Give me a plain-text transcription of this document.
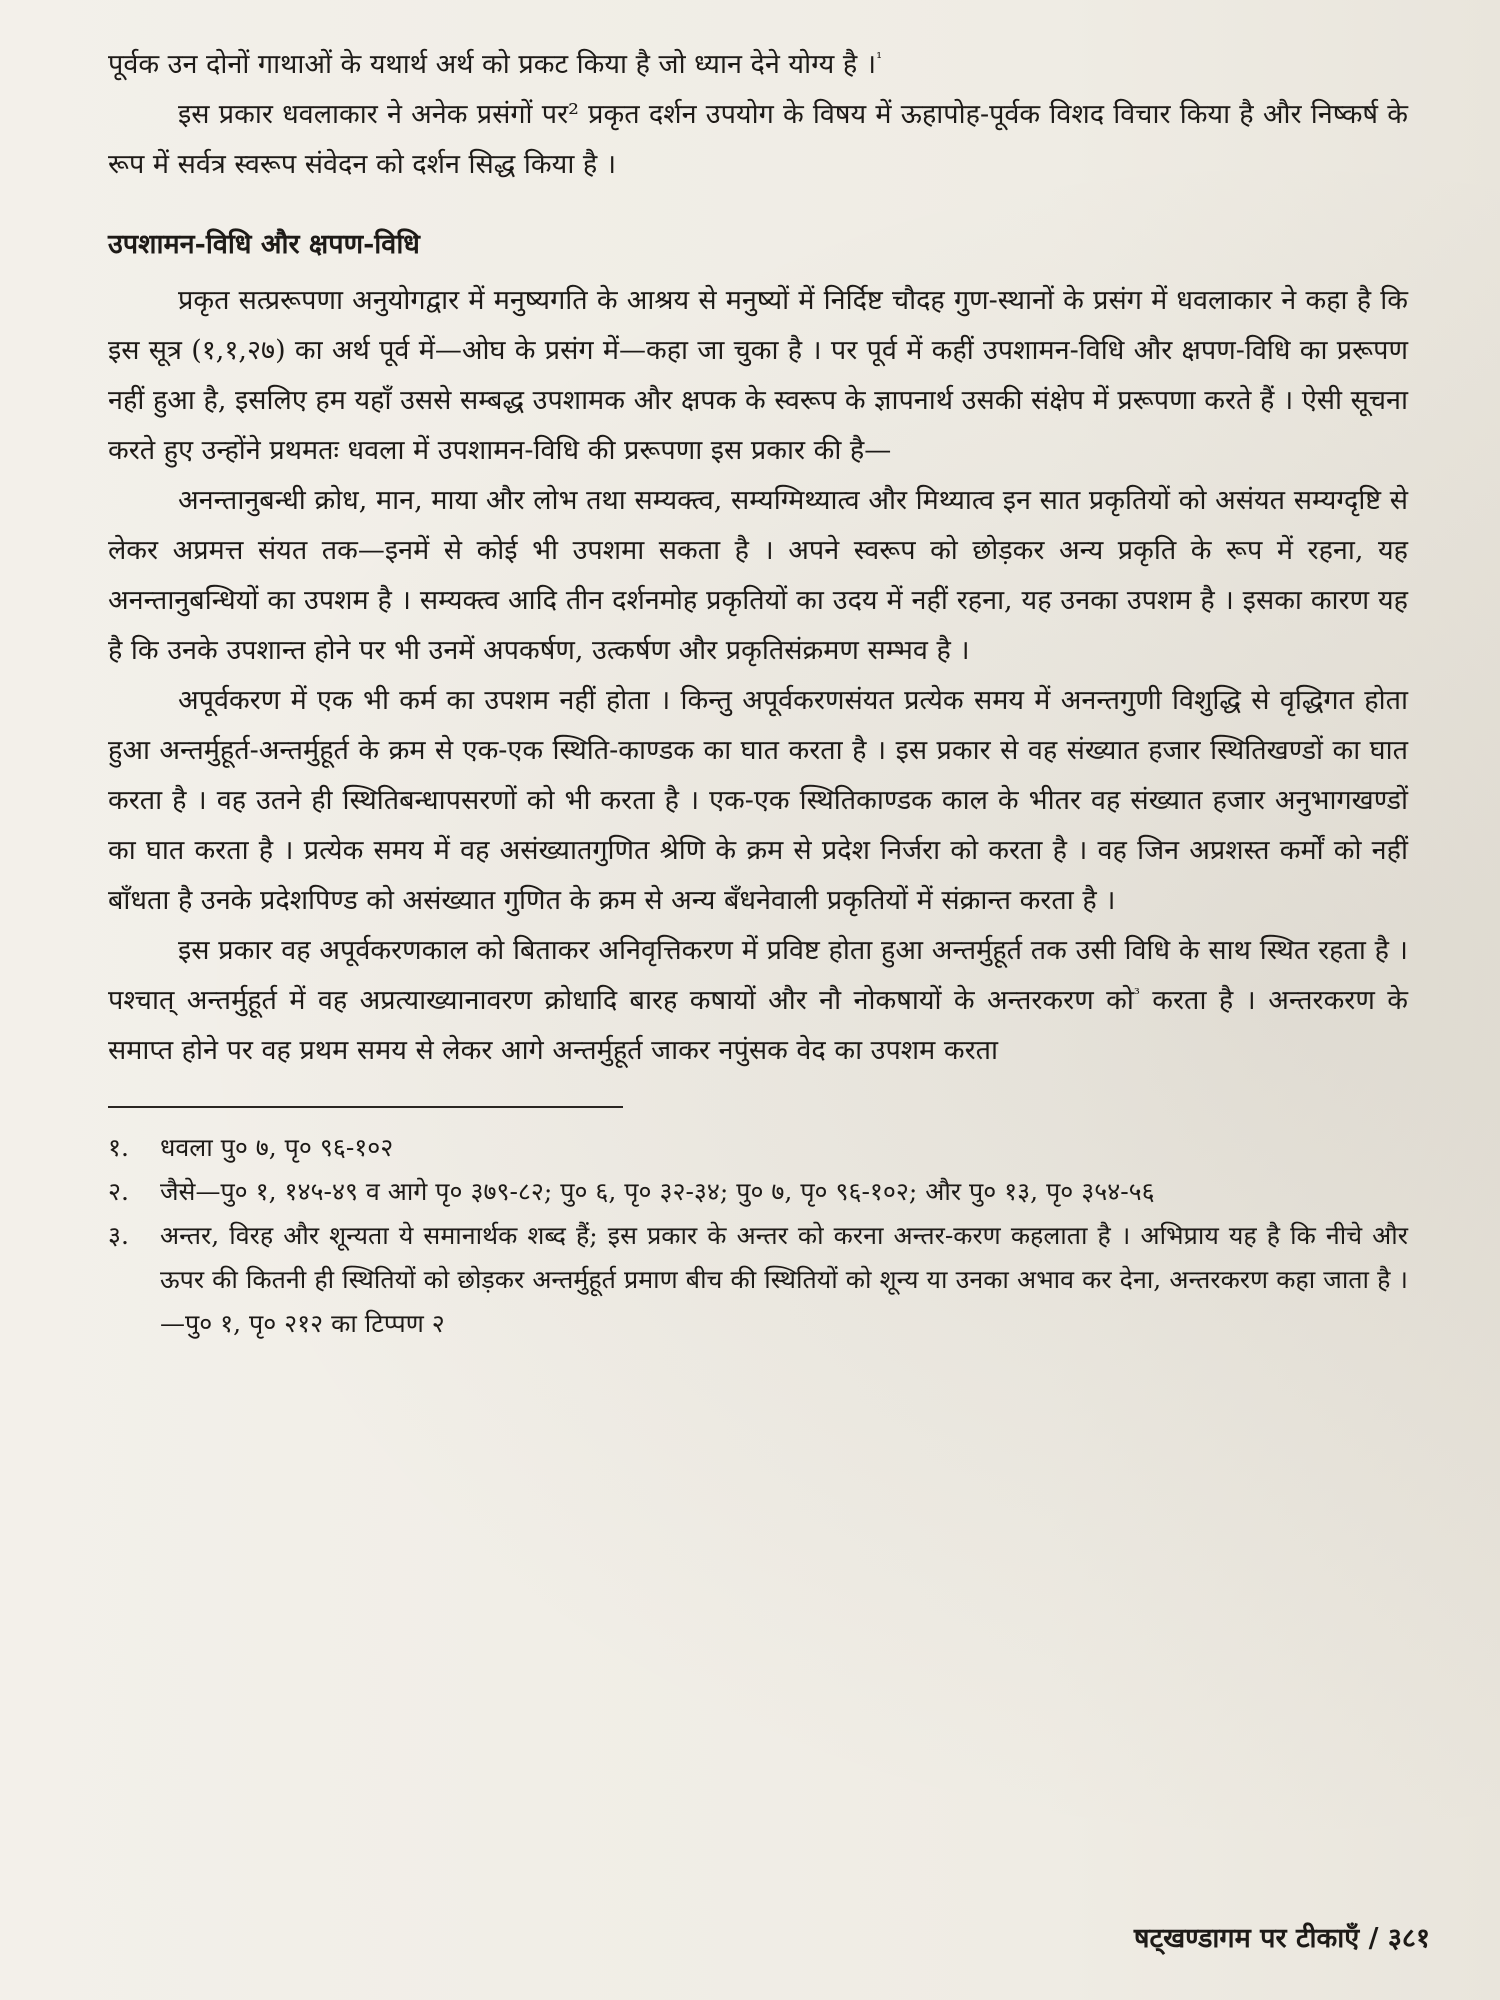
पूर्वक उन दोनों गाथाओं के यथार्थ अर्थ को प्रकट किया है जो ध्यान देने योग्य है ।$^{^1}$

इस प्रकार धवलाकार ने अनेक प्रसंगों पर² प्रकृत दर्शन उपयोग के विषय में ऊहापोह-पूर्वक विशद विचार किया है और निष्कर्ष के रूप में सर्वत्र स्वरूप संवेदन को दर्शन सिद्ध किया है ।

उपशामन-विधि और क्षपण-विधि

प्रकृत सत्प्ररूपणा अनुयोगद्वार में मनुष्यगति के आश्रय से मनुष्यों में निर्दिष्ट चौदह गुण-स्थानों के प्रसंग में धवलाकार ने कहा है कि इस सूत्र (१,१,२७) का अर्थ पूर्व में—ओघ के प्रसंग में—कहा जा चुका है । पर पूर्व में कहीं उपशामन-विधि और क्षपण-विधि का प्ररूपण नहीं हुआ है, इसलिए हम यहाँ उससे सम्बद्ध उपशामक और क्षपक के स्वरूप के ज्ञापनार्थ उसकी संक्षेप में प्ररूपणा करते हैं । ऐसी सूचना करते हुए उन्होंने प्रथमतः धवला में उपशामन-विधि की प्ररूपणा इस प्रकार की है—

अनन्तानुबन्धी क्रोध, मान, माया और लोभ तथा सम्यक्त्व, सम्यग्मिथ्यात्व और मिथ्यात्व इन सात प्रकृतियों को असंयत सम्यग्दृष्टि से लेकर अप्रमत्त संयत तक—इनमें से कोई भी उपशमा सकता है । अपने स्वरूप को छोड़कर अन्य प्रकृति के रूप में रहना, यह अनन्तानुबन्धियों का उपशम है । सम्यक्त्व आदि तीन दर्शनमोह प्रकृतियों का उदय में नहीं रहना, यह उनका उपशम है । इसका कारण यह है कि उनके उपशान्त होने पर भी उनमें अपकर्षण, उत्कर्षण और प्रकृतिसंक्रमण सम्भव है ।

अपूर्वकरण में एक भी कर्म का उपशम नहीं होता । किन्तु अपूर्वकरणसंयत प्रत्येक समय में अनन्तगुणी विशुद्धि से वृद्धिगत होता हुआ अन्तर्मुहूर्त-अन्तर्मुहूर्त के क्रम से एक-एक स्थिति-काण्डक का घात करता है । इस प्रकार से वह संख्यात हजार स्थितिखण्डों का घात करता है । वह उतने ही स्थितिबन्धापसरणों को भी करता है । एक-एक स्थितिकाण्डक काल के भीतर वह संख्यात हजार अनुभागखण्डों का घात करता है । प्रत्येक समय में वह असंख्यातगुणित श्रेणि के क्रम से प्रदेश निर्जरा को करता है । वह जिन अप्रशस्त कर्मों को नहीं बाँधता है उनके प्रदेशपिण्ड को असंख्यात गुणित के क्रम से अन्य बँधनेवाली प्रकृतियों में संक्रान्त करता है ।

इस प्रकार वह अपूर्वकरणकाल को बिताकर अनिवृत्तिकरण में प्रविष्ट होता हुआ अन्तर्मुहूर्त तक उसी विधि के साथ स्थित रहता है । पश्चात् अन्तर्मुहूर्त में वह अप्रत्याख्यानावरण क्रोधादि बारह कषायों और नौ नोकषायों के अन्तरकरण को$^{^3}$ करता है । अन्तरकरण के समाप्त होने पर वह प्रथम समय से लेकर आगे अन्तर्मुहूर्त जाकर नपुंसक वेद का उपशम करता

१.	धवला पु० ७, पृ० ९६-१०२
२.	जैसे—पु० १, १४५-४९ व आगे पृ० ३७९-८२; पु० ६, पृ० ३२-३४; पु० ७, पृ० ९६-१०२; और पु० १३, पृ० ३५४-५६
३.	अन्तर, विरह और शून्यता ये समानार्थक शब्द हैं; इस प्रकार के अन्तर को करना अन्तर-करण कहलाता है । अभिप्राय यह है कि नीचे और ऊपर की कितनी ही स्थितियों को छोड़कर अन्तर्मुहूर्त प्रमाण बीच की स्थितियों को शून्य या उनका अभाव कर देना, अन्तरकरण कहा जाता है ।—पु० १, पृ० २१२ का टिप्पण २
षट्खण्डागम पर टीकाएँ / ३८१
